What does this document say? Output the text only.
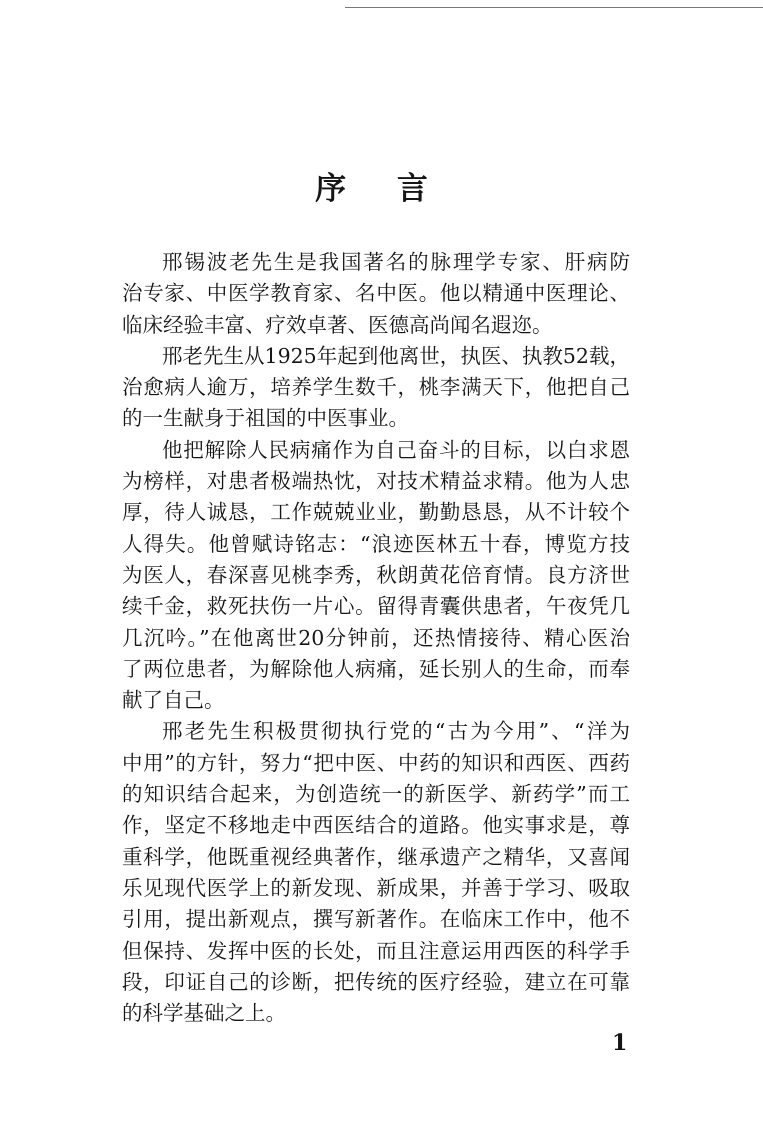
序 言
邢锡波老先生是我国著名的脉理学专家、肝病防
治专家、中医学教育家、名中医。他以精通中医理论、
临床经验丰富、疗效卓著、医德高尚闻名遐迩。
邢老先生从1925年起到他离世，执医、执教52载，
治愈病人逾万，培养学生数千，桃李满天下，他把自己
的一生献身于祖国的中医事业。
他把解除人民病痛作为自己奋斗的目标，以白求恩
为榜样，对患者极端热忱，对技术精益求精。他为人忠
厚，待人诚恳，工作兢兢业业，勤勤恳恳，从不计较个
人得失。他曾赋诗铭志：“浪迹医林五十春，博览方技
为医人，春深喜见桃李秀，秋朗黄花倍育情。良方济世
续千金，救死扶伤一片心。留得青囊供患者，午夜凭几
几沉吟。”在他离世20分钟前，还热情接待、精心医治
了两位患者，为解除他人病痛，延长别人的生命，而奉
献了自己。
邢老先生积极贯彻执行党的“古为今用”、“洋为
中用”的方针，努力“把中医、中药的知识和西医、西药
的知识结合起来，为创造统一的新医学、新药学”而工
作，坚定不移地走中西医结合的道路。他实事求是，尊
重科学，他既重视经典著作，继承遗产之精华，又喜闻
乐见现代医学上的新发现、新成果，并善于学习、吸取
引用，提出新观点，撰写新著作。在临床工作中，他不
但保持、发挥中医的长处，而且注意运用西医的科学手
段，印证自己的诊断，把传统的医疗经验，建立在可靠
的科学基础之上。
1
